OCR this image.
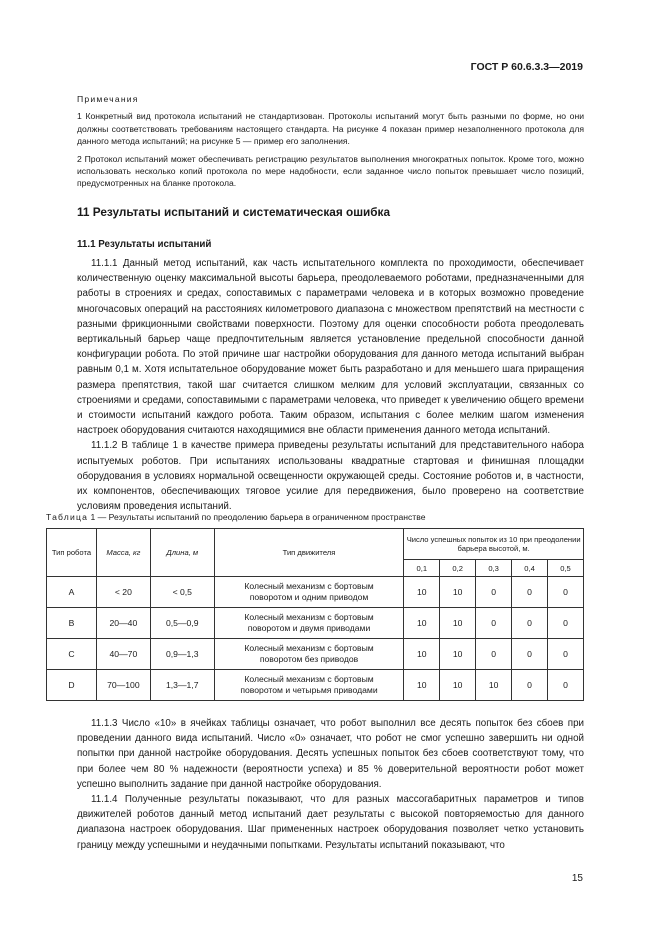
ГОСТ Р 60.6.3.3—2019
Примечания

1 Конкретный вид протокола испытаний не стандартизован. Протоколы испытаний могут быть разными по форме, но они должны соответствовать требованиям настоящего стандарта. На рисунке 4 показан пример незаполненного протокола для данного метода испытаний; на рисунке 5 — пример его заполнения.

2 Протокол испытаний может обеспечивать регистрацию результатов выполнения многократных попыток. Кроме того, можно использовать несколько копий протокола по мере надобности, если заданное число попыток превышает число позиций, предусмотренных на бланке протокола.

11 Результаты испытаний и систематическая ошибка
11.1 Результаты испытаний

11.1.1 Данный метод испытаний, как часть испытательного комплекта по проходимости, обеспечивает количественную оценку максимальной высоты барьера, преодолеваемого роботами, предназначенными для работы в строениях и средах, сопоставимых с параметрами человека и в которых возможно проведение многочасовых операций на расстояниях километрового диапазона с множеством препятствий на местности с разными фрикционными свойствами поверхности. Поэтому для оценки способности робота преодолевать вертикальный барьер чаще предпочтительным является установление предельной способности данной конфигурации робота. По этой причине шаг настройки оборудования для данного метода испытаний выбран равным 0,1 м. Хотя испытательное оборудование может быть разработано и для меньшего шага приращения размера препятствия, такой шаг считается слишком мелким для условий эксплуатации, связанных со строениями и средами, сопоставимыми с параметрами человека, что приведет к увеличению общего времени и стоимости испытаний каждого робота. Таким образом, испытания с более мелким шагом изменения настроек оборудования считаются находящимися вне области применения данного метода испытаний.

11.1.2 В таблице 1 в качестве примера приведены результаты испытаний для представительного набора испытуемых роботов. При испытаниях использованы квадратные стартовая и финишная площадки оборудования в условиях нормальной освещенности окружающей среды. Состояние роботов и, в частности, их компонентов, обеспечивающих тяговое усилие для передвижения, было проверено на соответствие условиям проведения испытаний.

Таблица 1 — Результаты испытаний по преодолению барьера в ограниченном пространстве
Тип робота	Масса, кг	Длина, м	Тип движителя	Число успешных попыток из 10 при преодолении барьера высотой, м.				
				0,1	0,2	0,3	0,4	0,5
A	< 20	< 0,5	Колесный механизм с бортовым поворотом и одним приводом	10	10	0	0	0
B	20—40	0,5—0,9	Колесный механизм с бортовым поворотом и двумя приводами	10	10	0	0	0
C	40—70	0,9—1,3	Колесный механизм с бортовым поворотом без приводов	10	10	0	0	0
D	70—100	1,3—1,7	Колесный механизм с бортовым поворотом и четырьмя приводами	10	10	10	0	0

11.1.3 Число «10» в ячейках таблицы означает, что робот выполнил все десять попыток без сбоев при проведении данного вида испытаний. Число «0» означает, что робот не смог успешно завершить ни одной попытки при данной настройке оборудования. Десять успешных попыток без сбоев соответствуют тому, что при более чем 80 % надежности (вероятности успеха) и 85 % доверительной вероятности робот может успешно выполнить задание при данной настройке оборудования.

11.1.4 Полученные результаты показывают, что для разных массогабаритных параметров и типов движителей роботов данный метод испытаний дает результаты с высокой повторяемостью для данного диапазона настроек оборудования. Шаг примененных настроек оборудования позволяет четко установить границу между успешными и неудачными попытками. Результаты испытаний показывают, что

15
